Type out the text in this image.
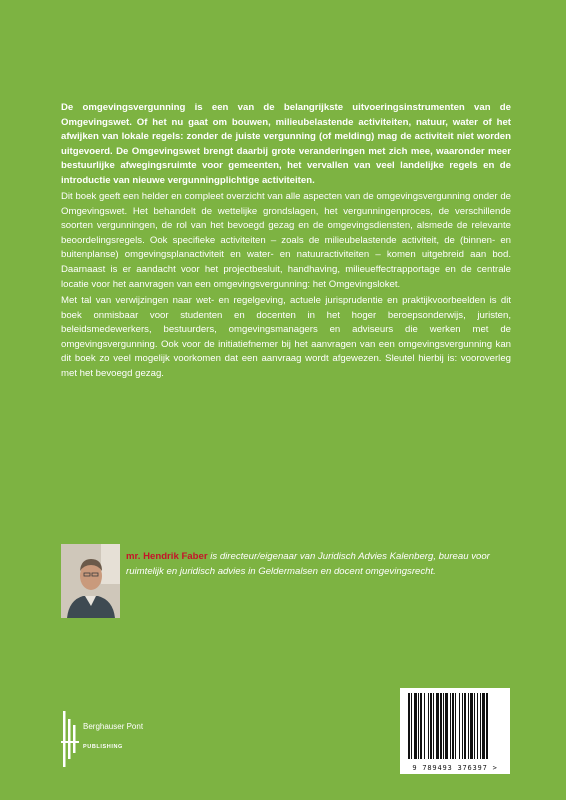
De omgevingsvergunning is een van de belangrijkste uitvoeringsinstrumenten van de Omgevingswet. Of het nu gaat om bouwen, milieubelastende activiteiten, natuur, water of het afwijken van lokale regels: zonder de juiste vergunning (of melding) mag de activiteit niet worden uitgevoerd. De Omgevingswet brengt daarbij grote veranderingen met zich mee, waaronder meer bestuurlijke afwegingsruimte voor gemeenten, het vervallen van veel landelijke regels en de introductie van nieuwe vergunningplichtige activiteiten.

Dit boek geeft een helder en compleet overzicht van alle aspecten van de omgevingsvergunning onder de Omgevingswet. Het behandelt de wettelijke grondslagen, het vergunningenproces, de verschillende soorten vergunningen, de rol van het bevoegd gezag en de omgevingsdiensten, alsmede de relevante beoordelingsregels. Ook specifieke activiteiten – zoals de milieubelastende activiteit, de (binnen- en buitenplanse) omgevingsplanactiviteit en water- en natuuractiviteiten – komen uitgebreid aan bod. Daarnaast is er aandacht voor het projectbesluit, handhaving, milieueffectrapportage en de centrale locatie voor het aanvragen van een omgevingsvergunning: het Omgevingsloket.

Met tal van verwijzingen naar wet- en regelgeving, actuele jurisprudentie en praktijkvoorbeelden is dit boek onmisbaar voor studenten en docenten in het hoger beroepsonderwijs, juristen, beleidsmedewerkers, bestuurders, omgevingsmanagers en adviseurs die werken met de omgevingsvergunning. Ook voor de initiatiefnemer bij het aanvragen van een omgevingsvergunning kan dit boek zo veel mogelijk voorkomen dat een aanvraag wordt afgewezen. Sleutel hierbij is: vooroverleg met het bevoegd gezag.

mr. Hendrik Faber is directeur/eigenaar van Juridisch Advies Kalenberg, bureau voor ruimtelijk en juridisch advies in Geldermalsen en docent omgevingsrecht.
Berghauser Pont
PUBLISHING
9 789493 376397 >
